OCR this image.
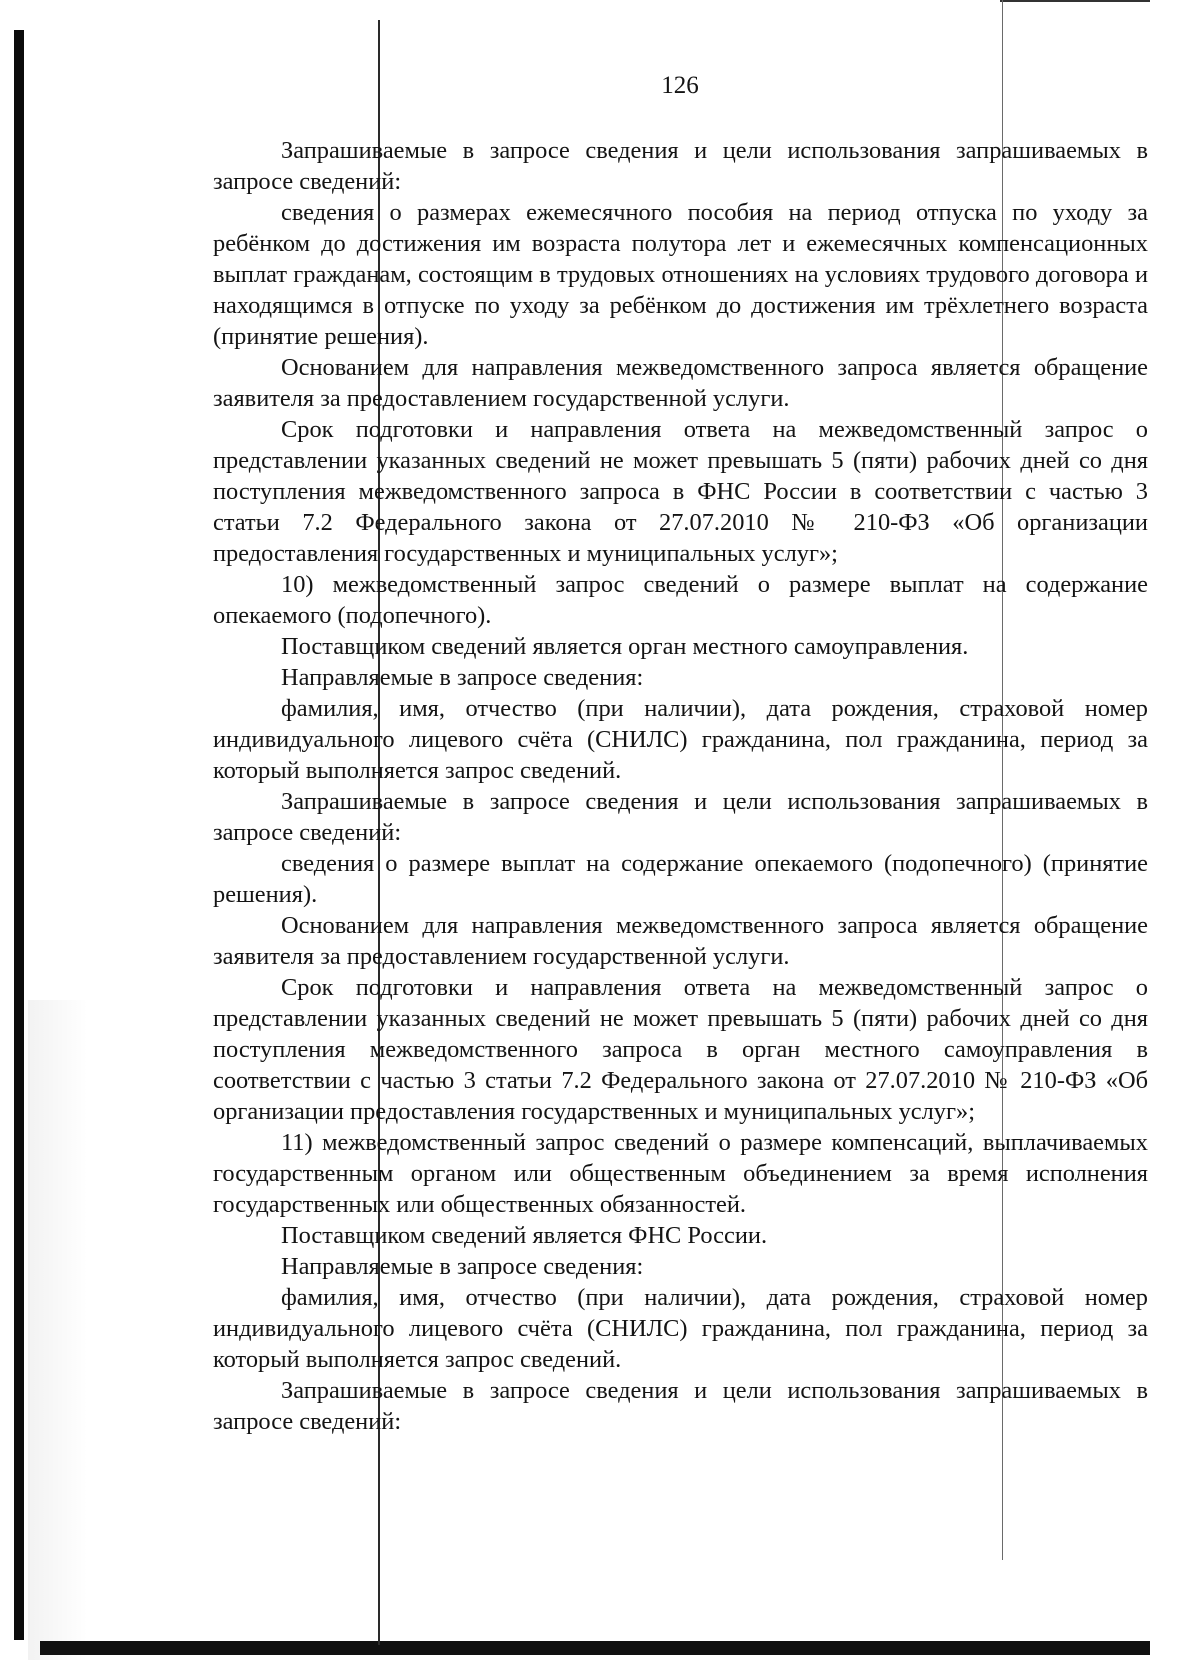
126

Запрашиваемые в запросе сведения и цели использования запрашиваемых в запросе сведений:

сведения о размерах ежемесячного пособия на период отпуска по уходу за ребёнком до достижения им возраста полутора лет и ежемесячных компенсационных выплат гражданам, состоящим в трудовых отношениях на условиях трудового договора и находящимся в отпуске по уходу за ребёнком до достижения им трёхлетнего возраста (принятие решения).

Основанием для направления межведомственного запроса является обращение заявителя за предоставлением государственной услуги.

Срок подготовки и направления ответа на межведомственный запрос о представлении указанных сведений не может превышать 5 (пяти) рабочих дней со дня поступления межведомственного запроса в ФНС России в соответствии с частью 3 статьи 7.2 Федерального закона от 27.07.2010 № 210-ФЗ «Об организации предоставления государственных и муниципальных услуг»;

10) межведомственный запрос сведений о размере выплат на содержание опекаемого (подопечного).

Поставщиком сведений является орган местного самоуправления.

Направляемые в запросе сведения:

фамилия, имя, отчество (при наличии), дата рождения, страховой номер индивидуального лицевого счёта (СНИЛС) гражданина, пол гражданина, период за который выполняется запрос сведений.

Запрашиваемые в запросе сведения и цели использования запрашиваемых в запросе сведений:

сведения о размере выплат на содержание опекаемого (подопечного) (принятие решения).

Основанием для направления межведомственного запроса является обращение заявителя за предоставлением государственной услуги.

Срок подготовки и направления ответа на межведомственный запрос о представлении указанных сведений не может превышать 5 (пяти) рабочих дней со дня поступления межведомственного запроса в орган местного самоуправления в соответствии с частью 3 статьи 7.2 Федерального закона от 27.07.2010 № 210-ФЗ «Об организации предоставления государственных и муниципальных услуг»;

11) межведомственный запрос сведений о размере компенсаций, выплачиваемых государственным органом или общественным объединением за время исполнения государственных или общественных обязанностей.

Поставщиком сведений является ФНС России.

Направляемые в запросе сведения:

фамилия, имя, отчество (при наличии), дата рождения, страховой номер индивидуального лицевого счёта (СНИЛС) гражданина, пол гражданина, период за который выполняется запрос сведений.

Запрашиваемые в запросе сведения и цели использования запрашиваемых в запросе сведений:
